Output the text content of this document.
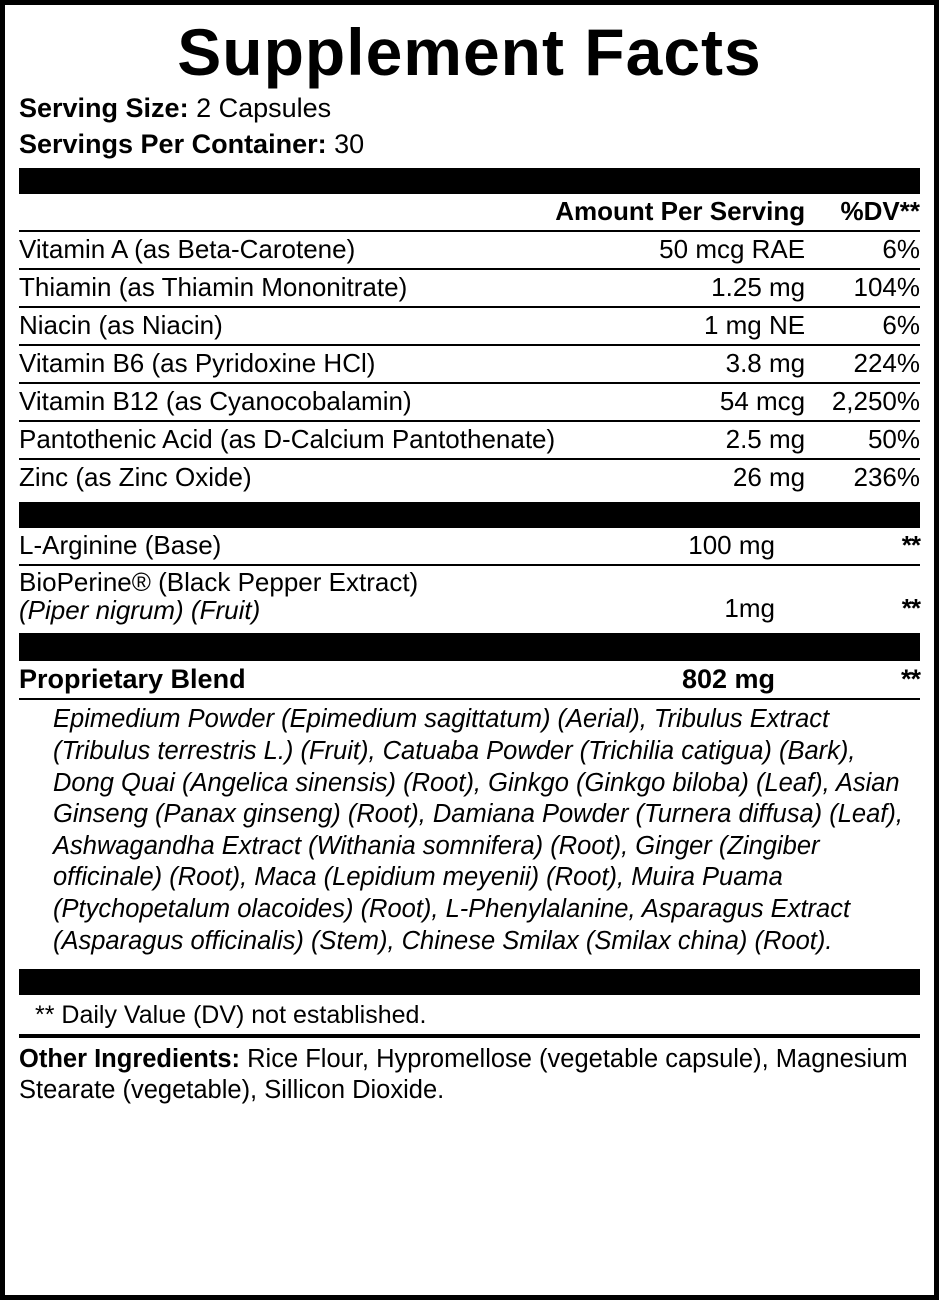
Supplement Facts
Serving Size: 2 Capsules
Servings Per Container: 30
	Amount Per Serving	%DV**
Vitamin A (as Beta-Carotene)	50 mcg RAE	6%
Thiamin (as Thiamin Mononitrate)	1.25 mg	104%
Niacin (as Niacin)	1 mg NE	6%
Vitamin B6 (as Pyridoxine HCl)	3.8 mg	224%
Vitamin B12 (as Cyanocobalamin)	54 mcg	2,250%
Pantothenic Acid (as D-Calcium Pantothenate)	2.5 mg	50%
Zinc (as Zinc Oxide)	26 mg	236%
L-Arginine (Base)	100 mg	**
BioPerine® (Black Pepper Extract)
(Piper nigrum) (Fruit)	1mg	**
Proprietary Blend	802 mg	**
Epimedium Powder (Epimedium sagittatum) (Aerial), Tribulus Extract (Tribulus terrestris L.) (Fruit), Catuaba Powder (Trichilia catigua) (Bark), Dong Quai (Angelica sinensis) (Root), Ginkgo (Ginkgo biloba) (Leaf), Asian Ginseng (Panax ginseng) (Root), Damiana Powder (Turnera diffusa) (Leaf), Ashwagandha Extract (Withania somnifera) (Root), Ginger (Zingiber officinale) (Root), Maca (Lepidium meyenii) (Root), Muira Puama (Ptychopetalum olacoides) (Root), L-Phenylalanine, Asparagus Extract (Asparagus officinalis) (Stem), Chinese Smilax (Smilax china) (Root).
** Daily Value (DV) not established.
Other Ingredients: Rice Flour, Hypromellose (vegetable capsule), Magnesium Stearate (vegetable), Sillicon Dioxide.
